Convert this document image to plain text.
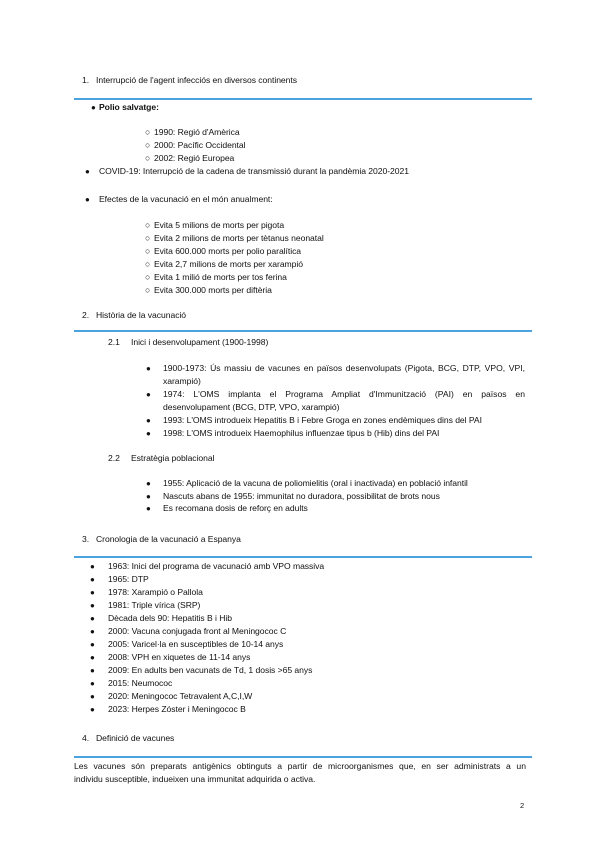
1. Interrupció de l'agent infecciós en diversos continents
● Polio salvatge:
○ 1990: Regió d'Amèrica
○ 2000: Pacífic Occidental
○ 2002: Regió Europea
● COVID-19: Interrupció de la cadena de transmissió durant la pandèmia 2020-2021
● Efectes de la vacunació en el món anualment:
○ Evita 5 milions de morts per pigota
○ Evita 2 milions de morts per tètanus neonatal
○ Evita 600.000 morts per polio paralítica
○ Evita 2,7 milions de morts per xarampió
○ Evita 1 milió de morts per tos ferina
○ Evita 300.000 morts per diftèria
2. Història de la vacunació
2.1 Inici i desenvolupament (1900-1998)
● 1900-1973: Ús massiu de vacunes en països desenvolupats (Pigota, BCG, DTP, VPO, VPI,
xarampió)
● 1974: L'OMS implanta el Programa Ampliat d'Immunització (PAI) en països en
desenvolupament (BCG, DTP, VPO, xarampió)
● 1993: L'OMS introdueix Hepatitis B i Febre Groga en zones endèmiques dins del PAI
● 1998: L'OMS introdueix Haemophilus influenzae tipus b (Hib) dins del PAI
2.2 Estratègia poblacional
● 1955: Aplicació de la vacuna de poliomielitis (oral i inactivada) en població infantil
● Nascuts abans de 1955: immunitat no duradora, possibilitat de brots nous
● Es recomana dosis de reforç en adults
3. Cronologia de la vacunació a Espanya
● 1963: Inici del programa de vacunació amb VPO massiva
● 1965: DTP
● 1978: Xarampió o Pallola
● 1981: Triple vírica (SRP)
● Dècada dels 90: Hepatitis B i Hib
● 2000: Vacuna conjugada front al Meningococ C
● 2005: Varicel·la en susceptibles de 10-14 anys
● 2008: VPH en xiquetes de 11-14 anys
● 2009: En adults ben vacunats de Td, 1 dosis >65 anys
● 2015: Neumococ
● 2020: Meningococ Tetravalent A,C,I,W
● 2023: Herpes Zóster i Meningococ B
4. Definició de vacunes
Les vacunes són preparats antigènics obtinguts a partir de microorganismes que, en ser administrats a un
individu susceptible, indueixen una immunitat adquirida o activa.
2
